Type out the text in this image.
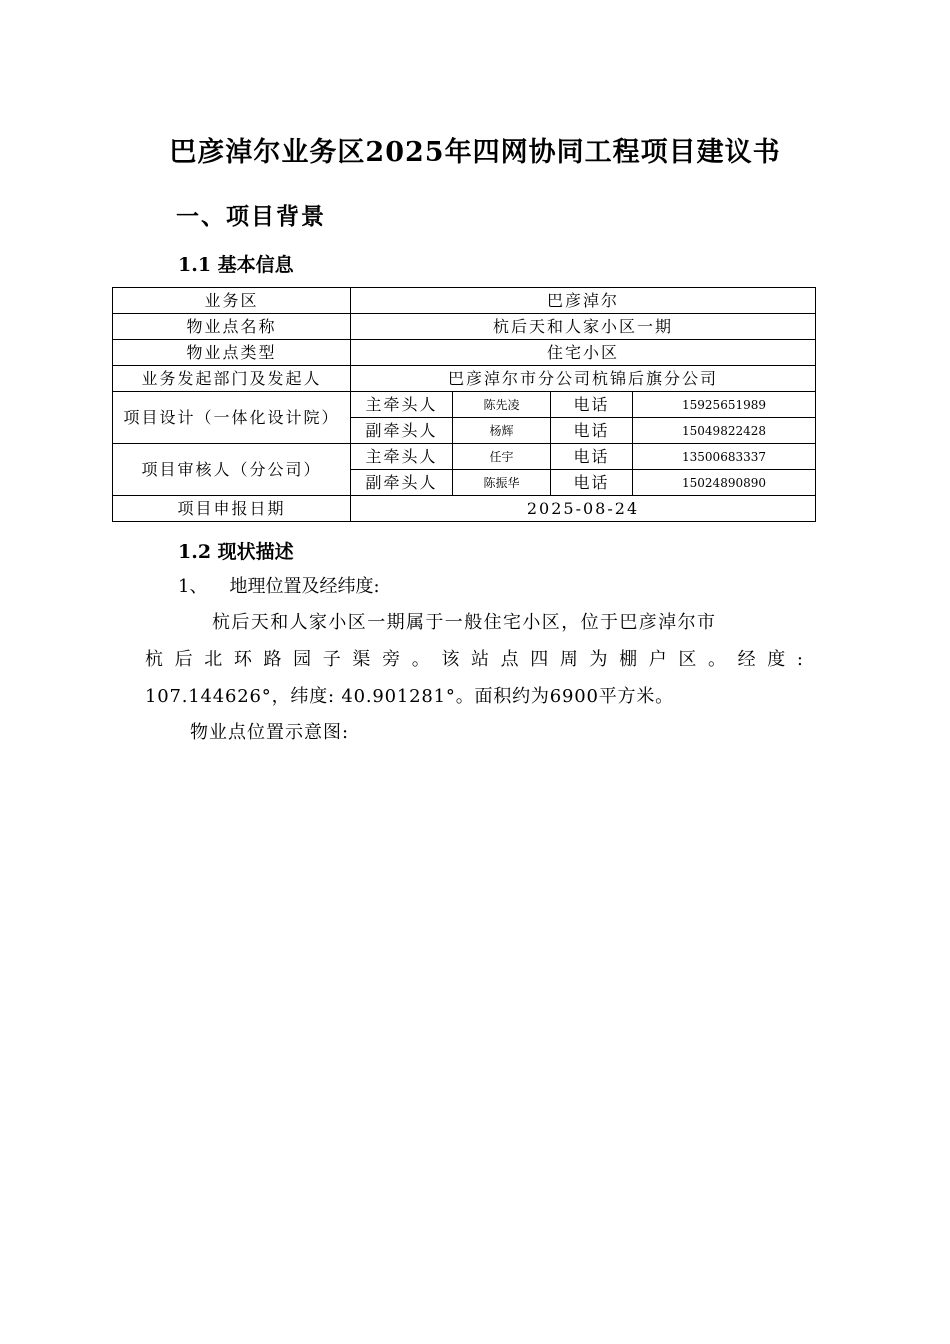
巴彦淖尔业务区2025年四网协同工程项目建议书
一、项目背景
1.1 基本信息
业务区	巴彦淖尔			
物业点名称	杭后天和人家小区一期			
物业点类型	住宅小区			
业务发起部门及发起人	巴彦淖尔市分公司杭锦后旗分公司			
项目设计（一体化设计院）	主牵头人	陈先凌	电话	15925651989
	副牵头人	杨辉	电话	15049822428
项目审核人（分公司）	主牵头人	任宇	电话	13500683337
	副牵头人	陈振华	电话	15024890890
项目申报日期	2025-08-24			
1.2 现状描述
1、 地理位置及经纬度:
杭后天和人家小区一期属于一般住宅小区，位于巴彦淖尔市
杭后北环路园子渠旁。该站点四周为棚户区。经度:
107.144626°，纬度: 40.901281°。面积约为6900平方米。
物业点位置示意图:
